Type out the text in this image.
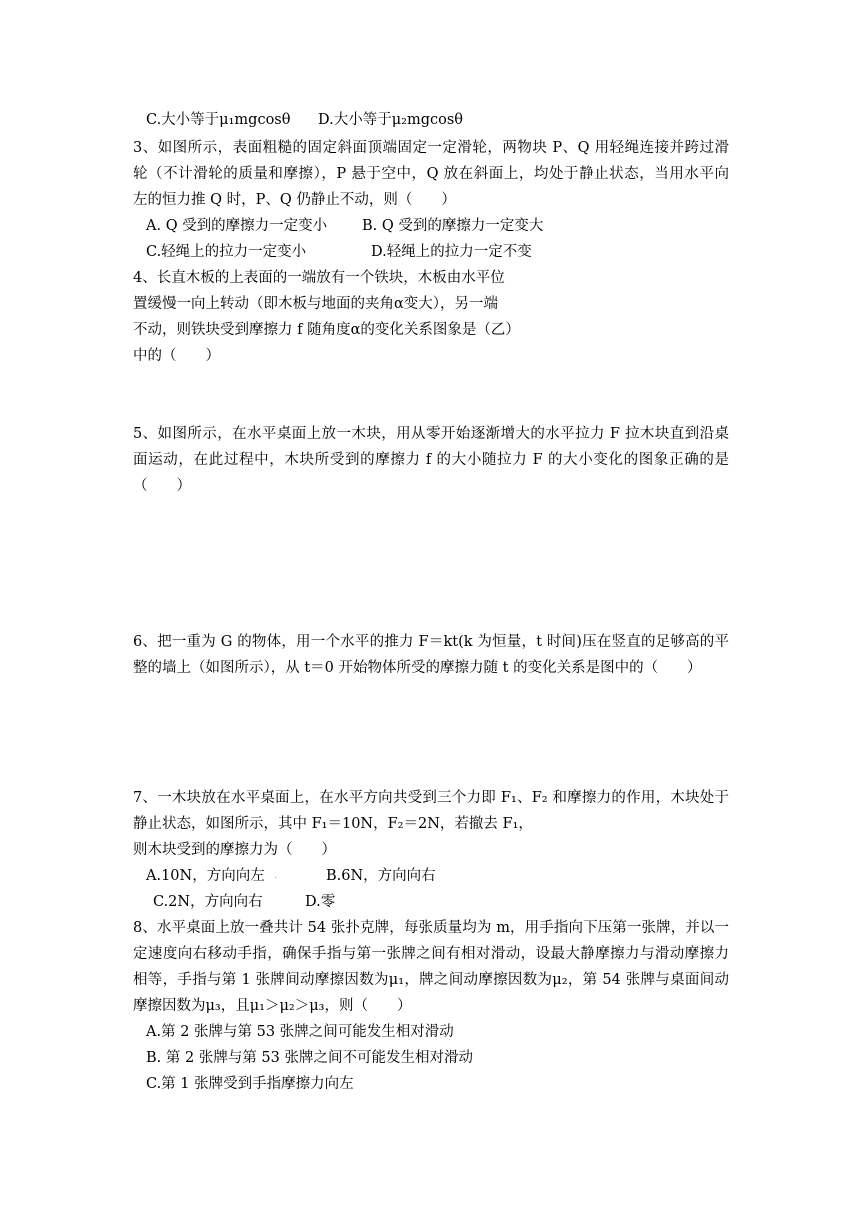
C.大小等于μ₁mgcosθ D.大小等于μ₂mgcosθ
3、如图所示，表面粗糙的固定斜面顶端固定一定滑轮，两物块 P、Q 用轻绳连接并跨过滑
轮（不计滑轮的质量和摩擦），P 悬于空中，Q 放在斜面上，均处于静止状态，当用水平向
左的恒力推 Q 时，P、Q 仍静止不动，则（　　）
A. Q 受到的摩擦力一定变小 B. Q 受到的摩擦力一定变大
C.轻绳上的拉力一定变小	D.轻绳上的拉力一定不变
4、长直木板的上表面的一端放有一个铁块，木板由水平位
置缓慢一向上转动（即木板与地面的夹角α变大），另一端
不动，则铁块受到摩擦力 f 随角度α的变化关系图象是（乙）
中的（　　）
5、如图所示，在水平桌面上放一木块，用从零开始逐渐增大的水平拉力 F 拉木块直到沿桌
面运动，在此过程中，木块所受到的摩擦力 f 的大小随拉力 F 的大小变化的图象正确的是
（　　）
6、把一重为 G 的物体，用一个水平的推力 F＝kt(k 为恒量，t 时间)压在竖直的足够高的平
整的墙上（如图所示），从 t＝0 开始物体所受的摩擦力随 t 的变化关系是图中的（　　）
7、一木块放在水平桌面上，在水平方向共受到三个力即 F₁、F₂ 和摩擦力的作用，木块处于
静止状态，如图所示，其中 F₁＝10N，F₂＝2N，若撤去 F₁，
则木块受到的摩擦力为（　　）
A.10N，方向向左 .	B.6N，方向向右
C.2N，方向向右	D.零
8、水平桌面上放一叠共计 54 张扑克牌，每张质量均为 m，用手指向下压第一张牌，并以一
定速度向右移动手指，确保手指与第一张牌之间有相对滑动，设最大静摩擦力与滑动摩擦力
相等，手指与第 1 张牌间动摩擦因数为μ₁，牌之间动摩擦因数为μ₂，第 54 张牌与桌面间动
摩擦因数为μ₃，且μ₁＞μ₂＞μ₃，则（　　）
A.第 2 张牌与第 53 张牌之间可能发生相对滑动
B. 第 2 张牌与第 53 张牌之间不可能发生相对滑动
C.第 1 张牌受到手指摩擦力向左
